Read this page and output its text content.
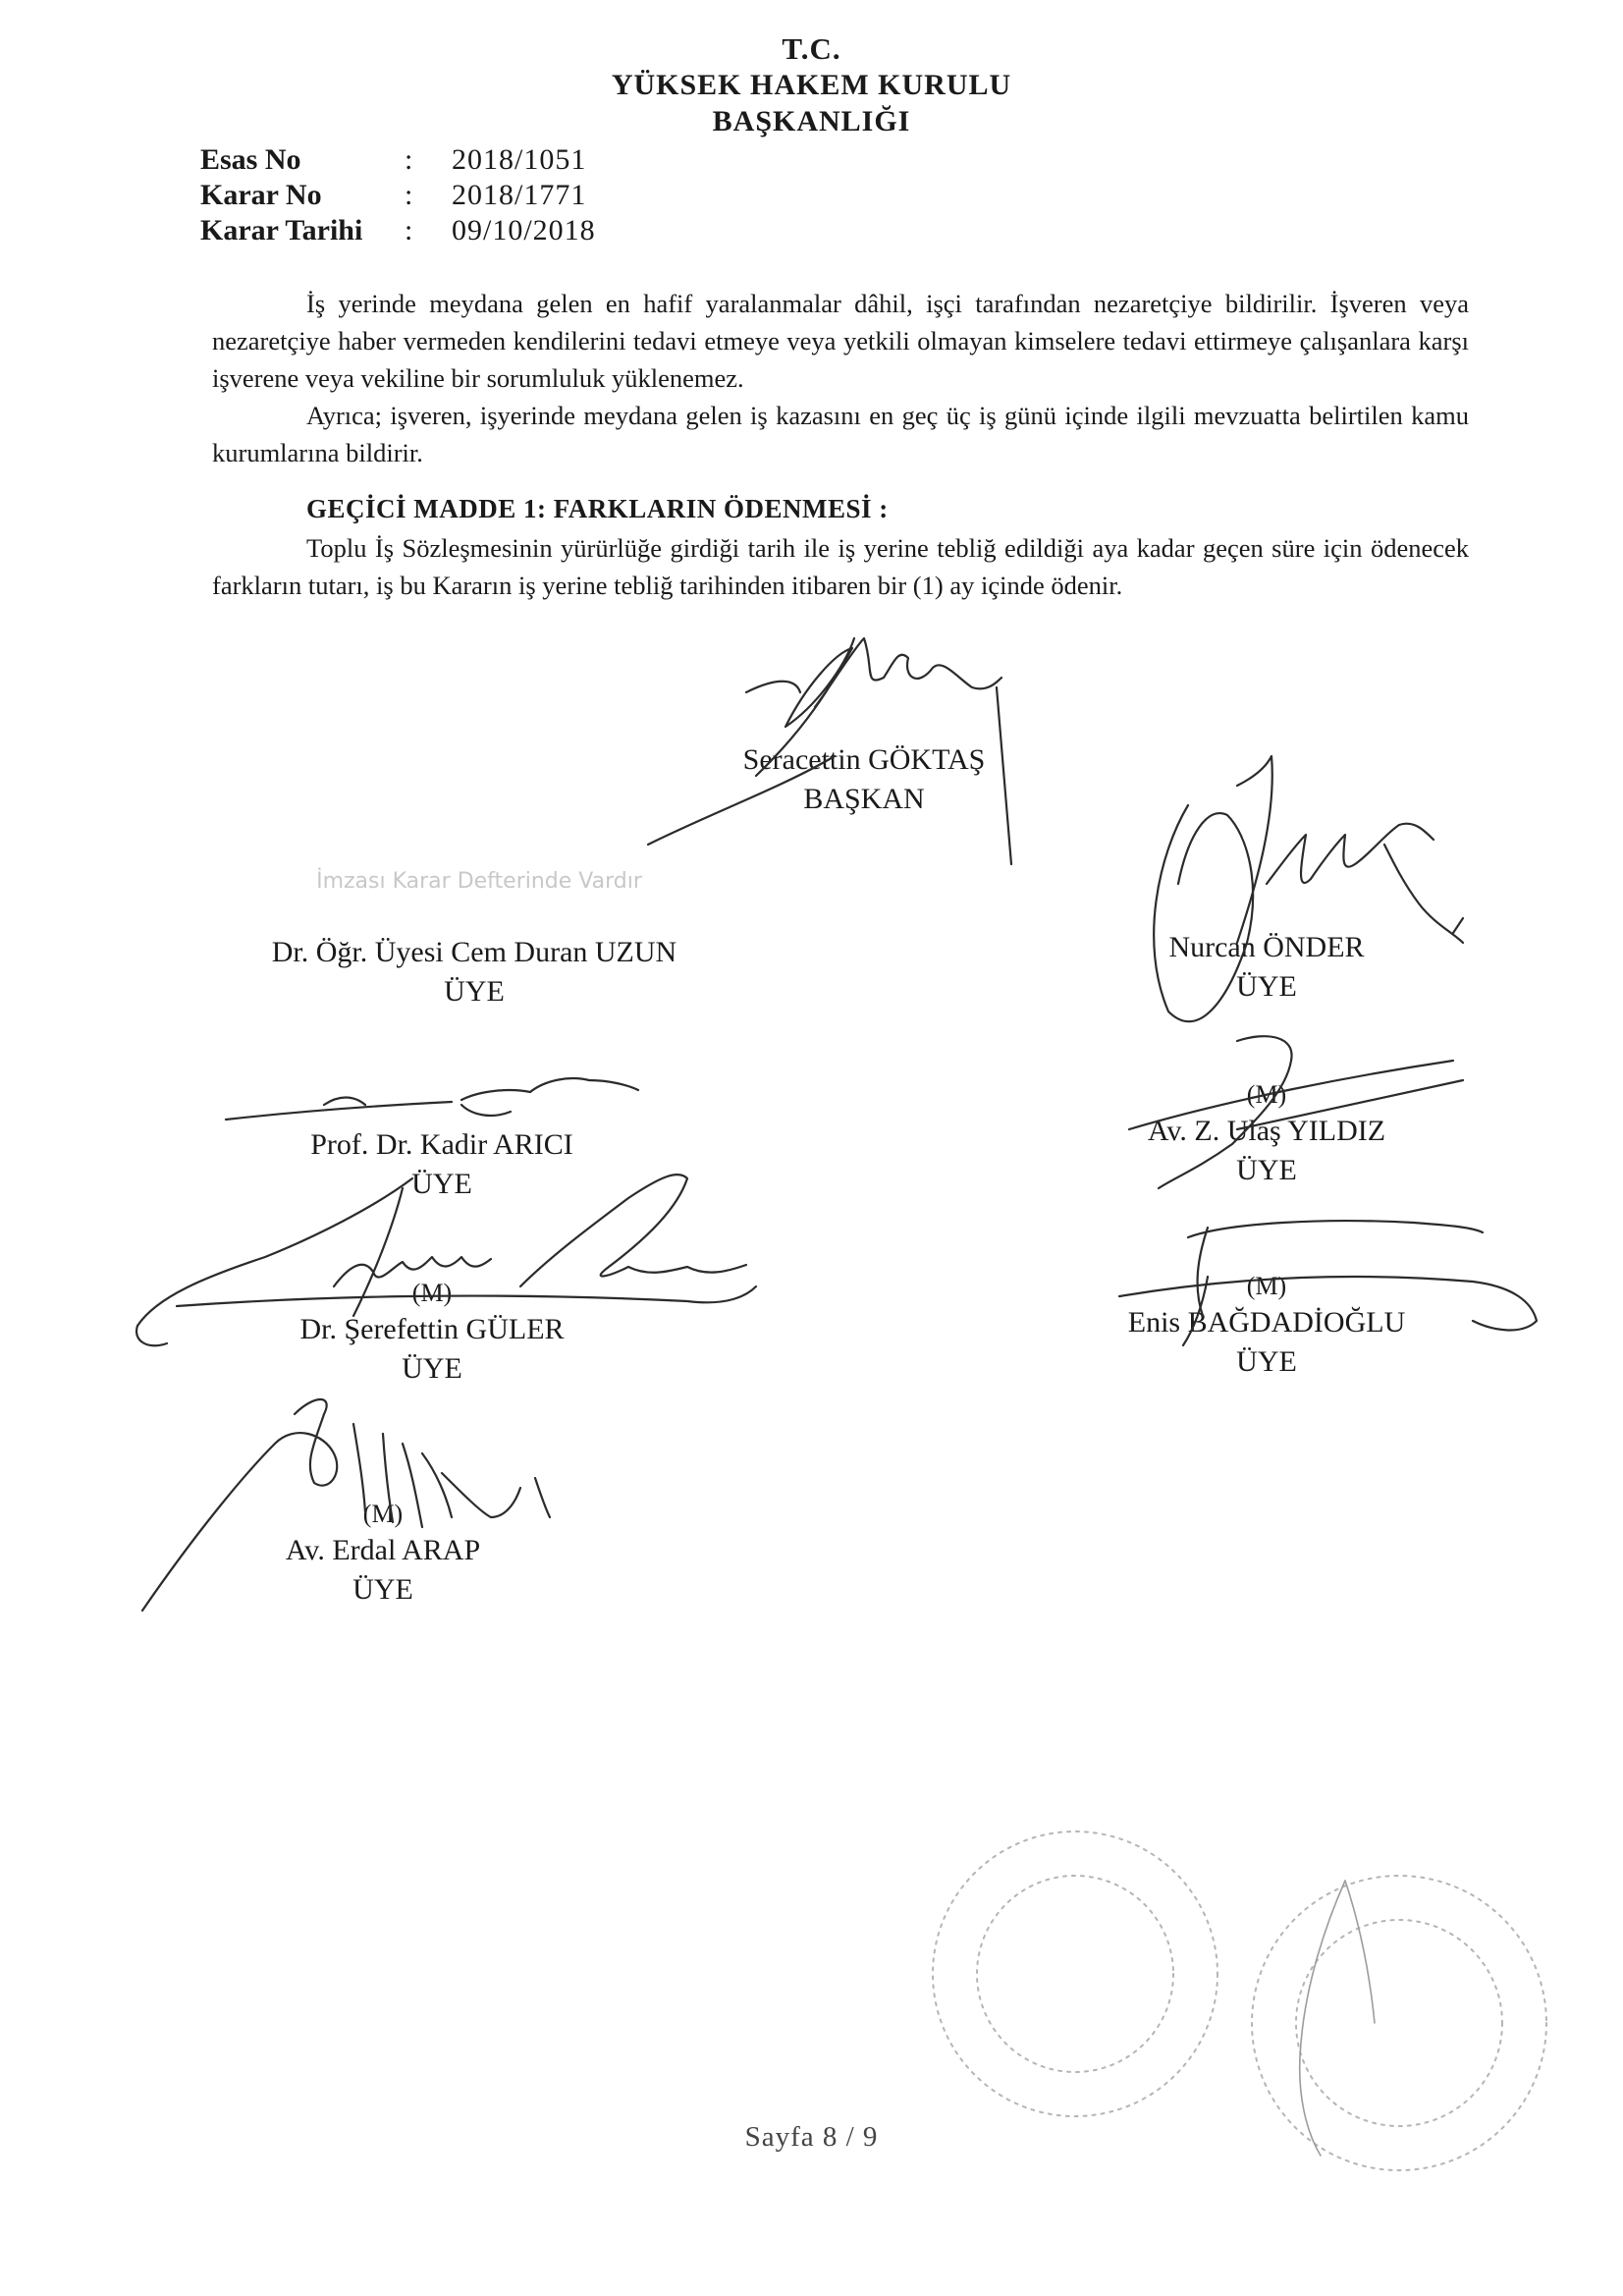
T.C.
YÜKSEK HAKEM KURULU
BAŞKANLIĞI
Esas No	: 2018/1051
Karar No	: 2018/1771
Karar Tarihi : 09/10/2018
İş yerinde meydana gelen en hafif yaralanmalar dâhil, işçi tarafından nezaretçiye bildirilir. İşveren veya nezaretçiye haber vermeden kendilerini tedavi etmeye veya yetkili olmayan kimselere tedavi ettirmeye çalışanlara karşı işverene veya vekiline bir sorumluluk yüklenemez.
Ayrıca; işveren, işyerinde meydana gelen iş kazasını en geç üç iş günü içinde ilgili mevzuatta belirtilen kamu kurumlarına bildirir.
GEÇİCİ MADDE 1: FARKLARIN ÖDENMESİ :
Toplu İş Sözleşmesinin yürürlüğe girdiği tarih ile iş yerine tebliğ edildiği aya kadar geçen süre için ödenecek farkların tutarı, iş bu Kararın iş yerine tebliğ tarihinden itibaren bir (1) ay içinde ödenir.
İmzası Karar Defterinde Vardır
Seracettin GÖKTAŞ
BAŞKAN
Dr. Öğr. Üyesi Cem Duran UZUN
ÜYE
Nurcan ÖNDER
ÜYE
Prof. Dr. Kadir ARICI
ÜYE
(M)
Av. Z. Ulaş YILDIZ
ÜYE
(M)
Dr. Şerefettin GÜLER
ÜYE
(M)
Enis BAĞDADİOĞLU
ÜYE
(M)
Av. Erdal ARAP
ÜYE
Sayfa 8 / 9
